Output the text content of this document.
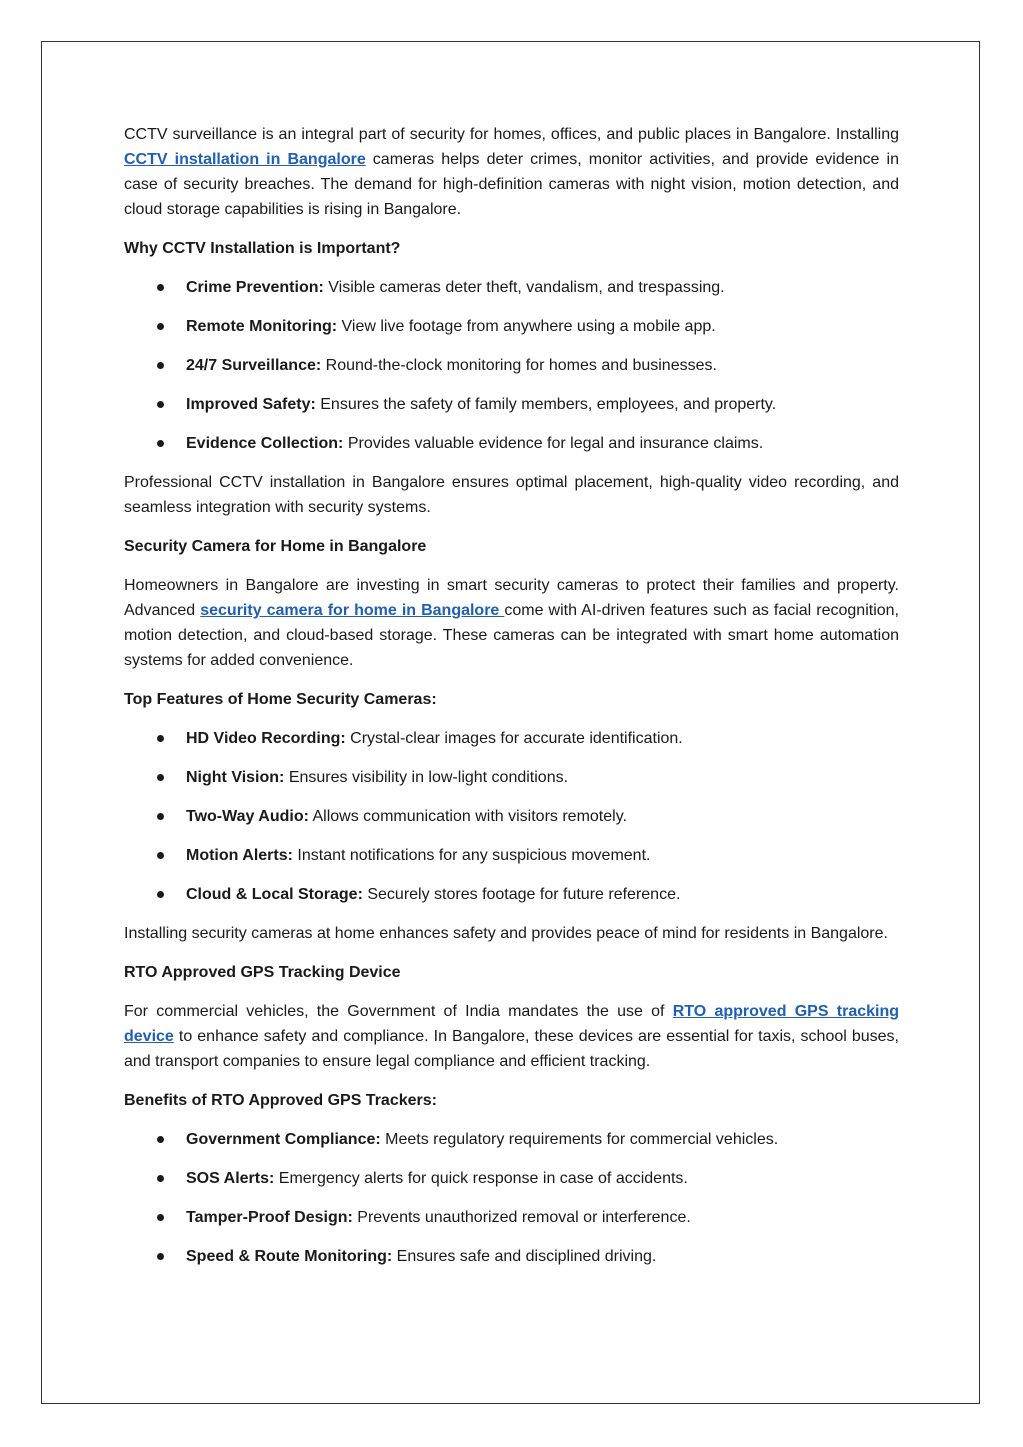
CCTV surveillance is an integral part of security for homes, offices, and public places in Bangalore. Installing CCTV installation in Bangalore cameras helps deter crimes, monitor activities, and provide evidence in case of security breaches. The demand for high-definition cameras with night vision, motion detection, and cloud storage capabilities is rising in Bangalore.

Why CCTV Installation is Important?

Crime Prevention: Visible cameras deter theft, vandalism, and trespassing.
Remote Monitoring: View live footage from anywhere using a mobile app.
24/7 Surveillance: Round-the-clock monitoring for homes and businesses.
Improved Safety: Ensures the safety of family members, employees, and property.
Evidence Collection: Provides valuable evidence for legal and insurance claims.

Professional CCTV installation in Bangalore ensures optimal placement, high-quality video recording, and seamless integration with security systems.

Security Camera for Home in Bangalore

Homeowners in Bangalore are investing in smart security cameras to protect their families and property. Advanced security camera for home in Bangalore come with AI-driven features such as facial recognition, motion detection, and cloud-based storage. These cameras can be integrated with smart home automation systems for added convenience.

Top Features of Home Security Cameras:

HD Video Recording: Crystal-clear images for accurate identification.
Night Vision: Ensures visibility in low-light conditions.
Two-Way Audio: Allows communication with visitors remotely.
Motion Alerts: Instant notifications for any suspicious movement.
Cloud & Local Storage: Securely stores footage for future reference.

Installing security cameras at home enhances safety and provides peace of mind for residents in Bangalore.

RTO Approved GPS Tracking Device

For commercial vehicles, the Government of India mandates the use of RTO approved GPS tracking device to enhance safety and compliance. In Bangalore, these devices are essential for taxis, school buses, and transport companies to ensure legal compliance and efficient tracking.

Benefits of RTO Approved GPS Trackers:

Government Compliance: Meets regulatory requirements for commercial vehicles.
SOS Alerts: Emergency alerts for quick response in case of accidents.
Tamper-Proof Design: Prevents unauthorized removal or interference.
Speed & Route Monitoring: Ensures safe and disciplined driving.
